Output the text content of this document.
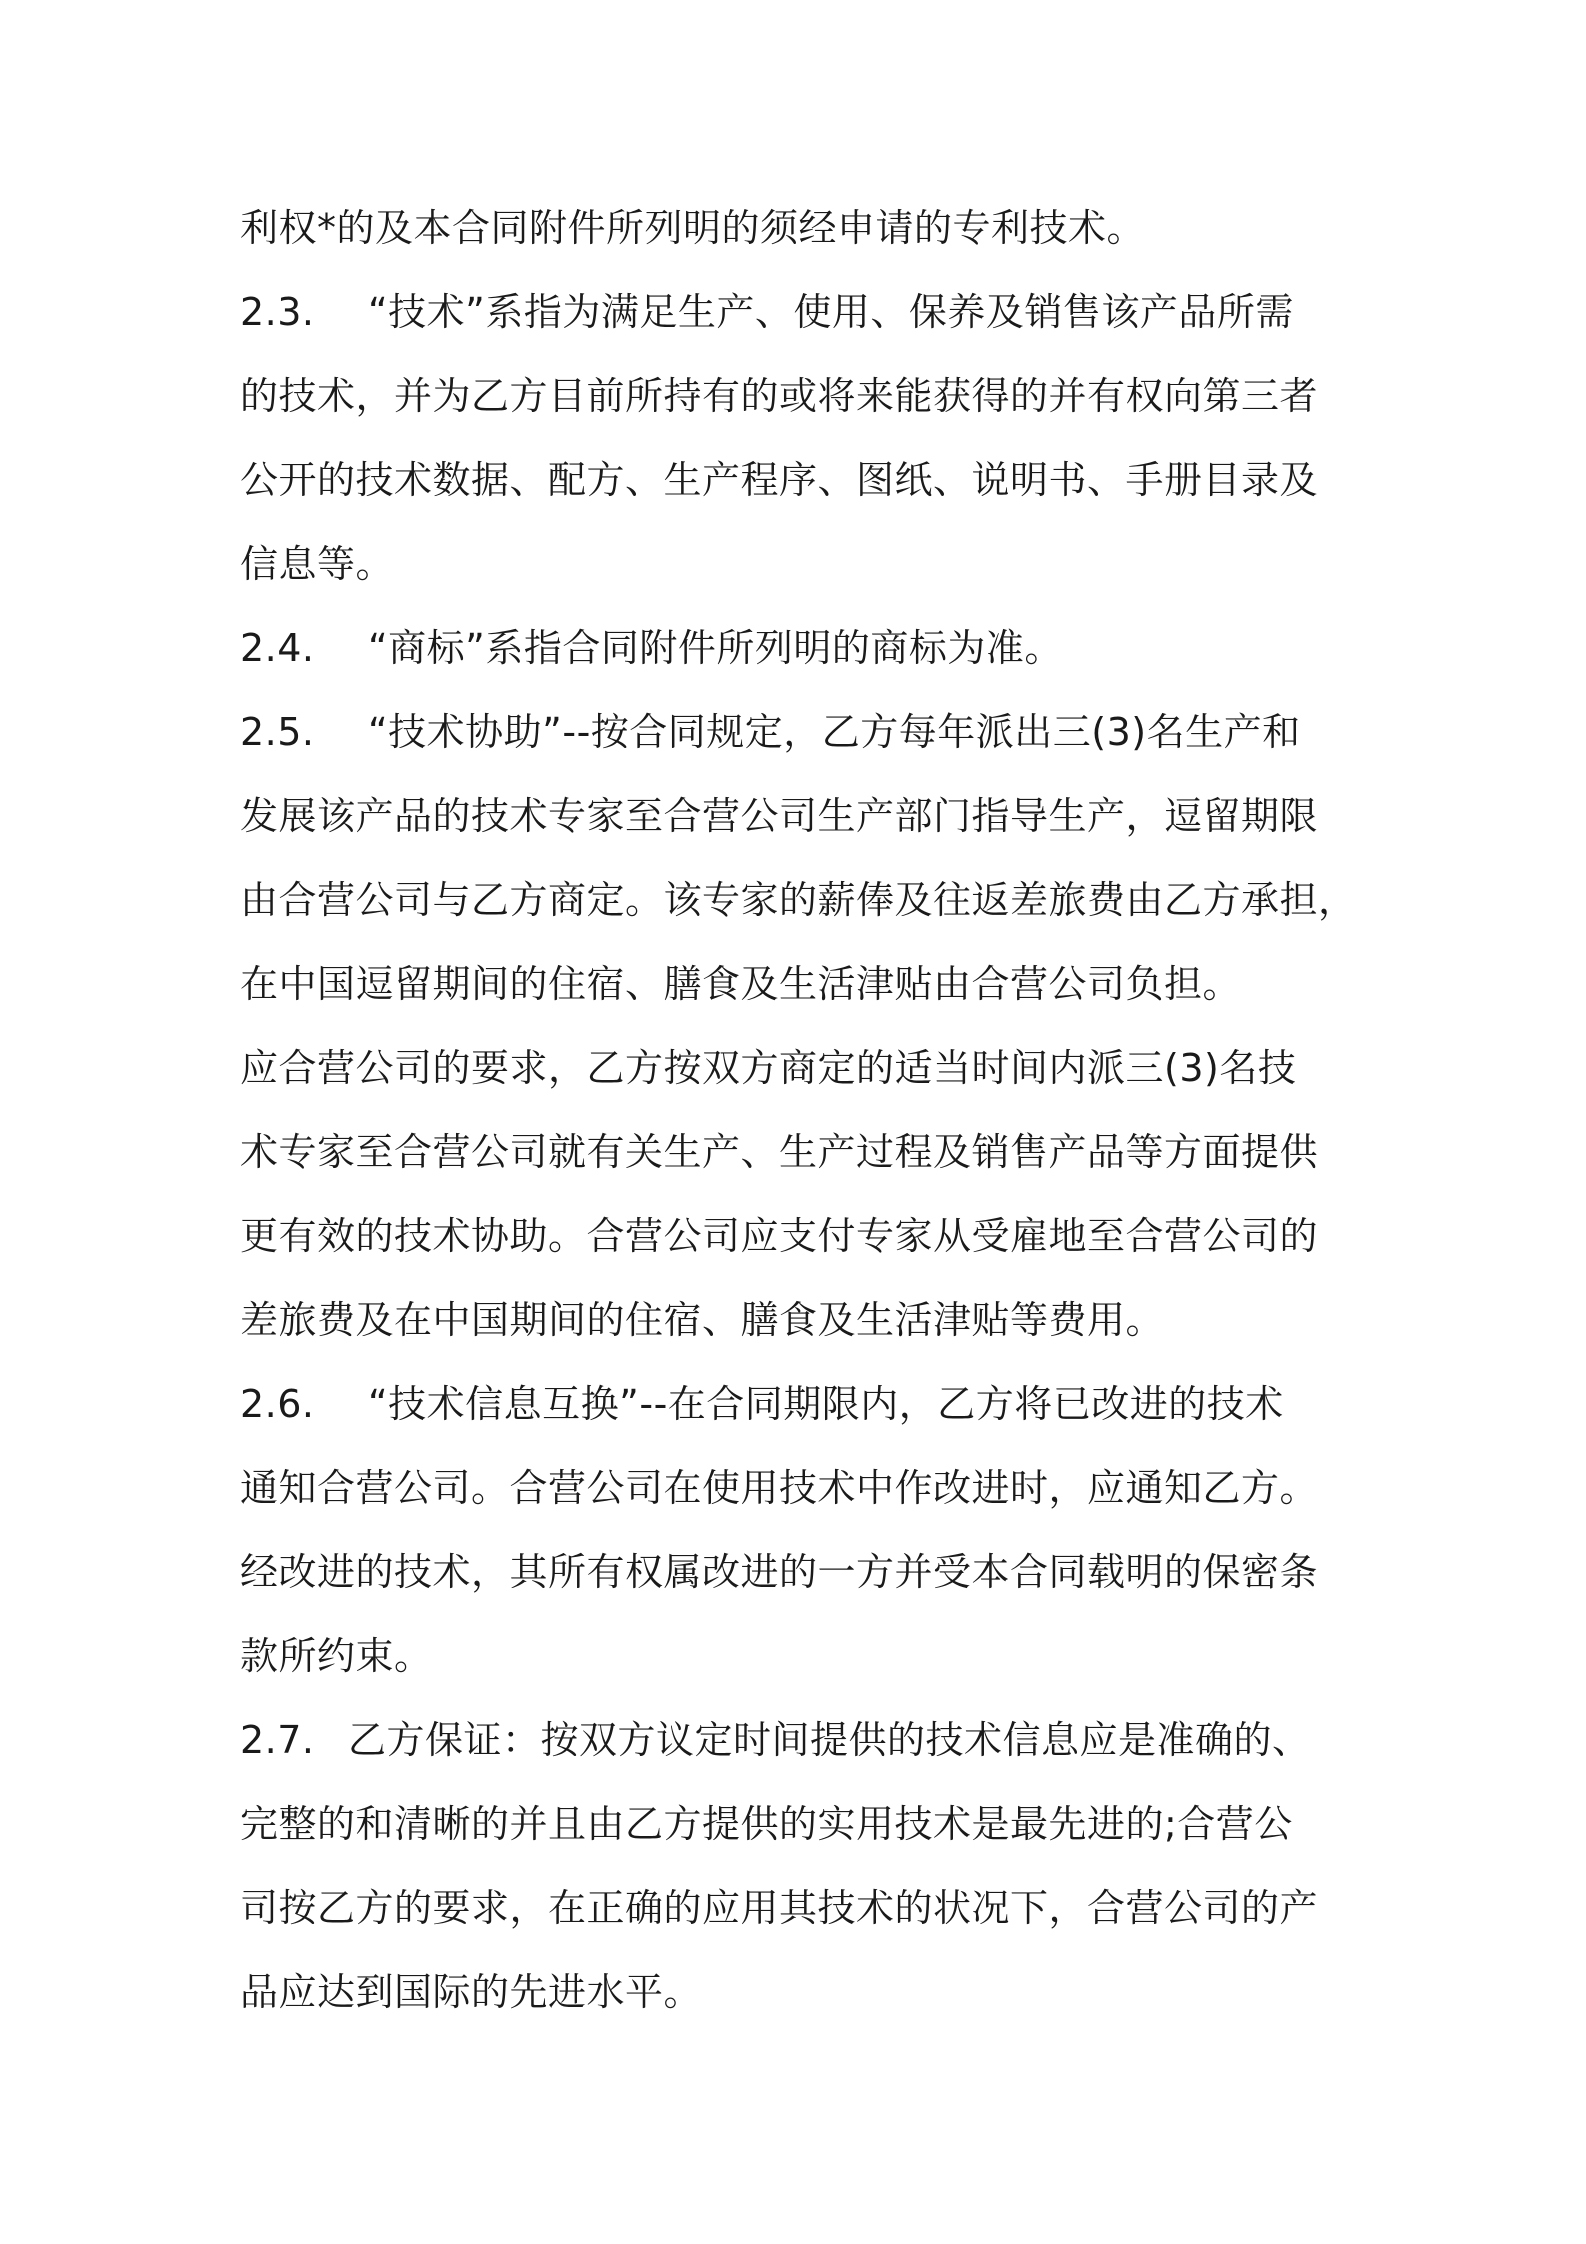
利权*的及本合同附件所列明的须经申请的专利技术。
2.3. “技术”系指为满足生产、使用、保养及销售该产品所需
的技术，并为乙方目前所持有的或将来能获得的并有权向第三者
公开的技术数据、配方、生产程序、图纸、说明书、手册目录及
信息等。
2.4. “商标”系指合同附件所列明的商标为准。
2.5. “技术协助”--按合同规定，乙方每年派出三(3)名生产和
发展该产品的技术专家至合营公司生产部门指导生产，逗留期限
由合营公司与乙方商定。该专家的薪俸及往返差旅费由乙方承担，
在中国逗留期间的住宿、膳食及生活津贴由合营公司负担。
应合营公司的要求，乙方按双方商定的适当时间内派三(3)名技
术专家至合营公司就有关生产、生产过程及销售产品等方面提供
更有效的技术协助。合营公司应支付专家从受雇地至合营公司的
差旅费及在中国期间的住宿、膳食及生活津贴等费用。
2.6. “技术信息互换”--在合同期限内，乙方将已改进的技术
通知合营公司。合营公司在使用技术中作改进时，应通知乙方。
经改进的技术，其所有权属改进的一方并受本合同载明的保密条
款所约束。
2.7. 乙方保证：按双方议定时间提供的技术信息应是准确的、
完整的和清晰的并且由乙方提供的实用技术是最先进的;合营公
司按乙方的要求，在正确的应用其技术的状况下，合营公司的产
品应达到国际的先进水平。
